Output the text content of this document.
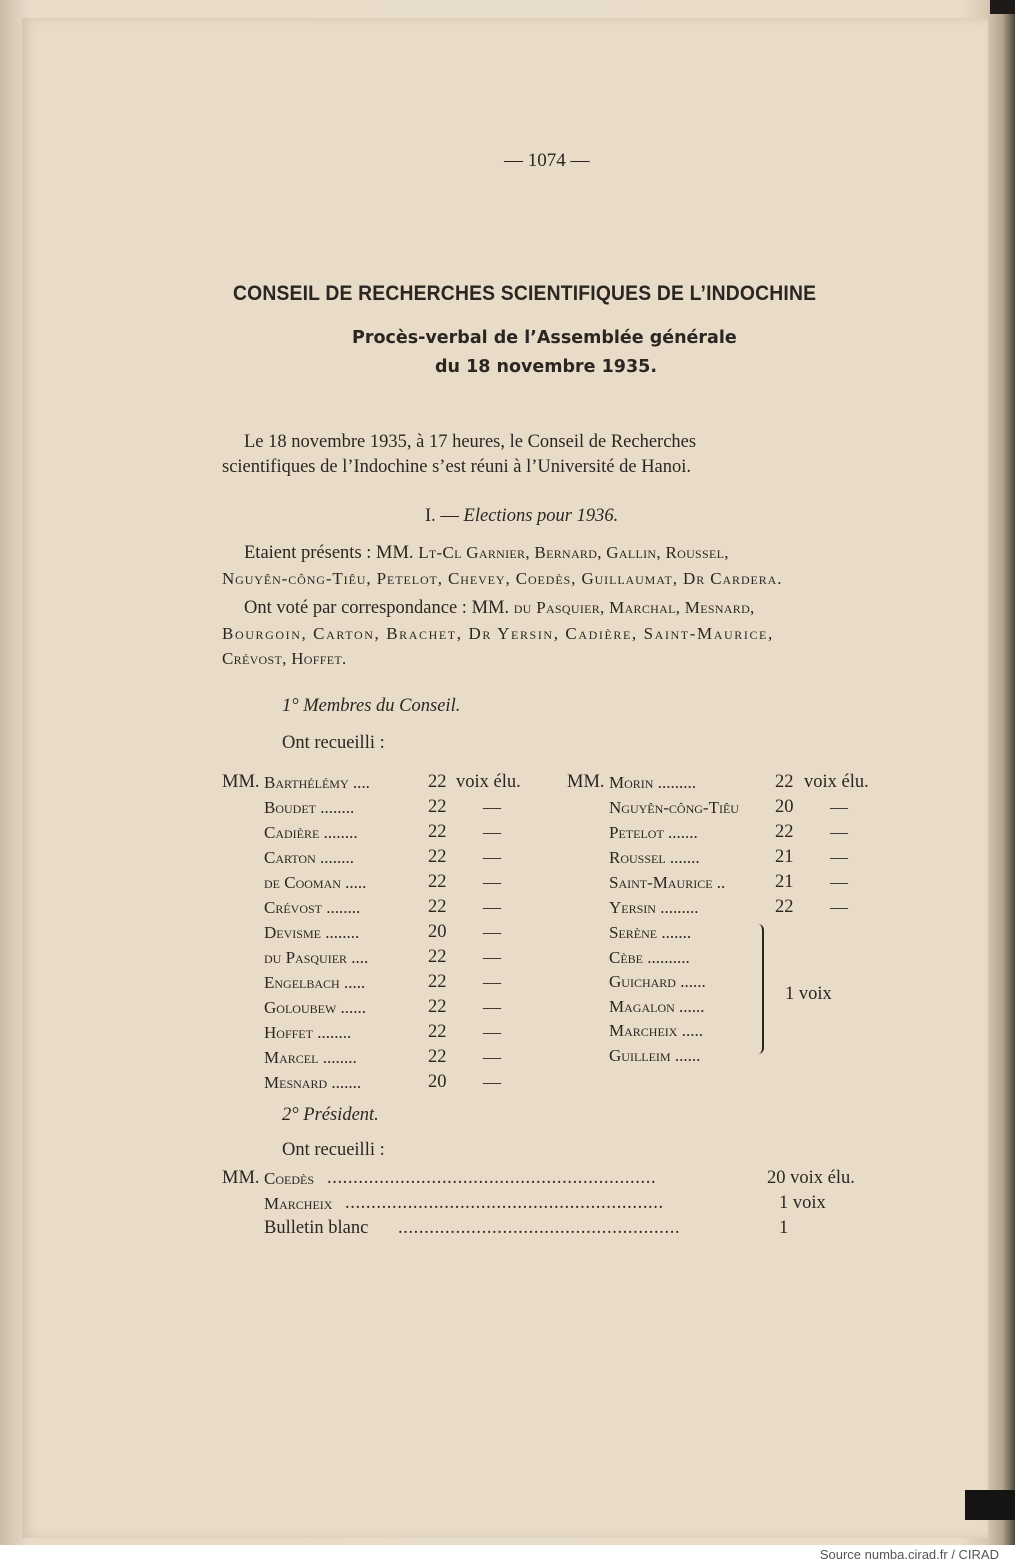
— 1074 —
CONSEIL DE RECHERCHES SCIENTIFIQUES DE L’INDOCHINE
Procès-verbal de l’Assemblée générale
du 18 novembre 1935.
Le 18 novembre 1935, à 17 heures, le Conseil de Recherches
scientifiques de l’Indochine s’est réuni à l’Université de Hanoi.
I. — Elections pour 1936.
Etaient présents : MM. Lt-Cl Garnier, Bernard, Gallin, Roussel,
Nguyên-công-Tiêu, Petelot, Chevey, Coedès, Guillaumat, Dr Cardera.
Ont voté par correspondance : MM. du Pasquier, Marchal, Mesnard,
Bourgoin, Carton, Brachet, Dr Yersin, Cadière, Saint-Maurice,
Crévost, Hoffet.
1° Membres du Conseil.
Ont recueilli :
MM.	MM.
Barthélémy ....	22 voix élu.
Boudet ........	22 —
Cadière ........	22 —
Carton ........	22 —
de Cooman .....	22 —
Crévost ........	22 —
Devisme ........	20 —
du Pasquier ....	22 —
Engelbach .....	22 —
Goloubew ......	22 —
Hoffet ........	22 —
Marcel ........	22 —
Mesnard .......	20 —
Morin .........	22 voix élu.
Nguyên-công-Tiêu 20 —
Petelot .......	22 —
Roussel .......	21 —
Saint-Maurice ..	21 —
Yersin .........	22 —
Serène .......
Cèbe ..........
Guichard ......
Magalon ......
Marcheix .....
Guilleim ......
1 voix
2° Président.
Ont recueilli :
MM. Coedès ...............................................................	20 voix élu.
Marcheix .............................................................	1 voix
Bulletin blanc ......................................................	1
Source numba.cirad.fr / CIRAD
